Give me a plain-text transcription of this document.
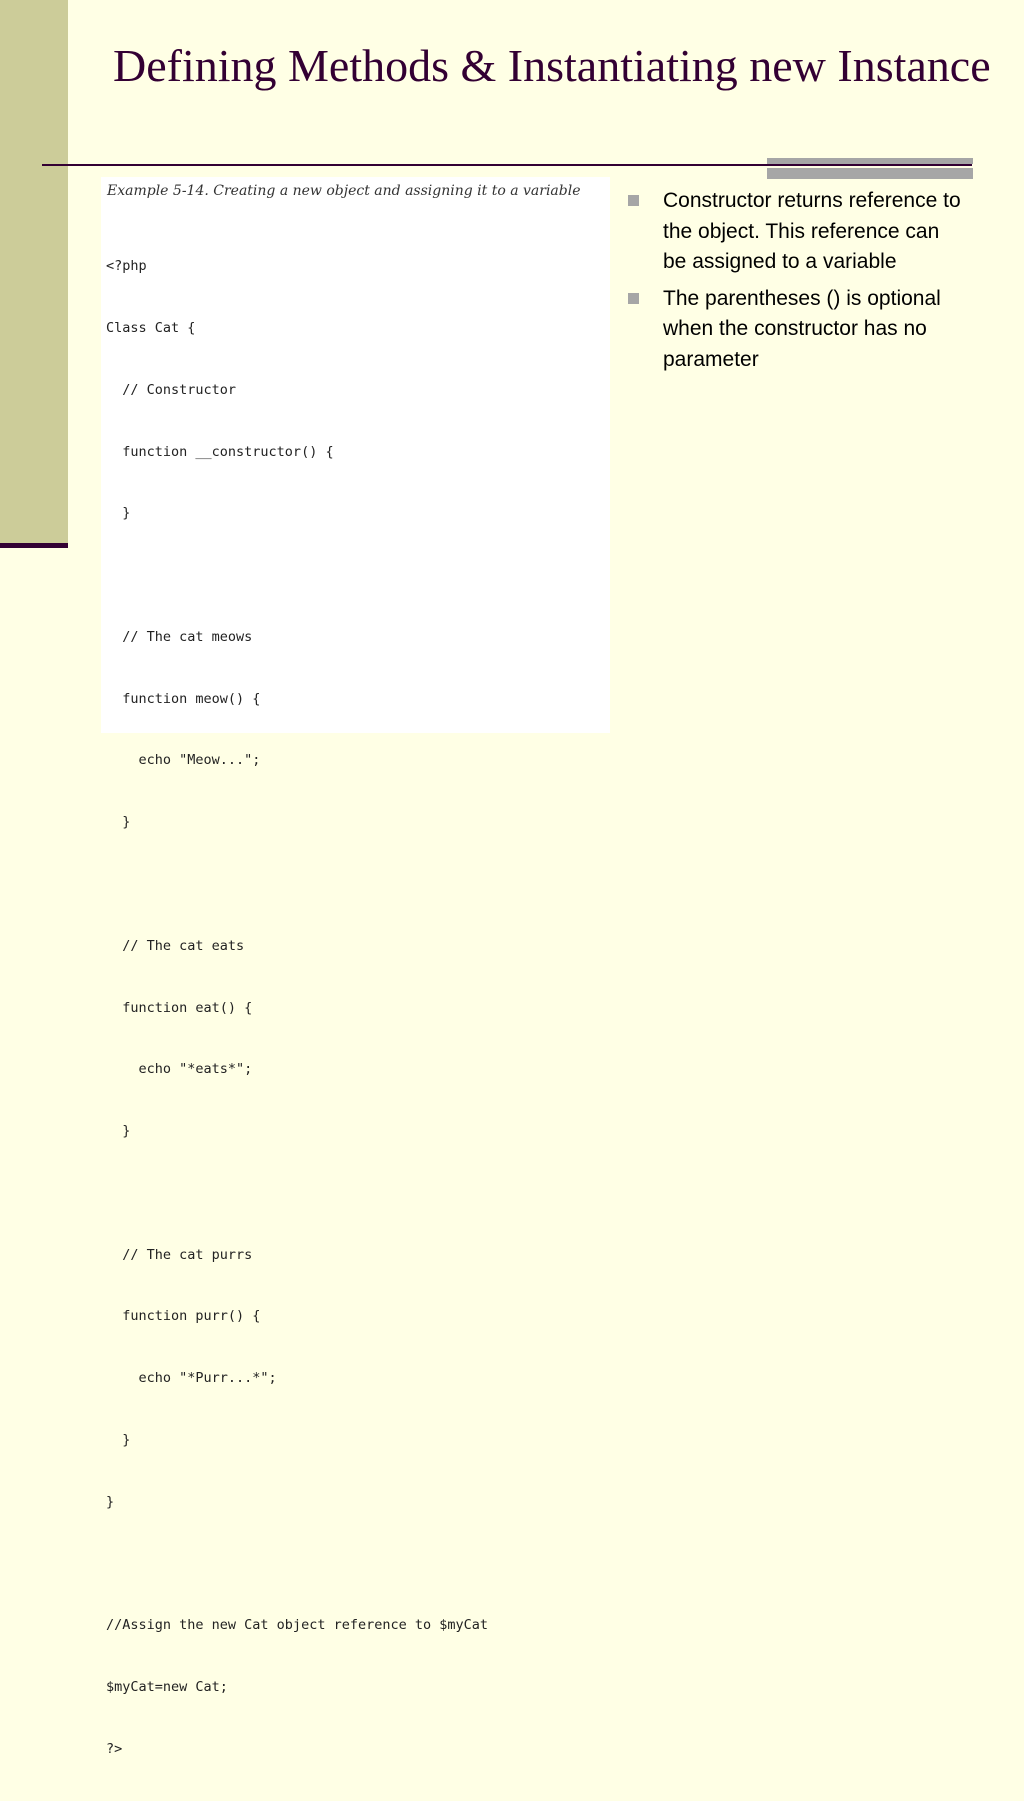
Defining Methods & Instantiating new Instance
Example 5-14. Creating a new object and assigning it to a variable

<?php

Class Cat {

// Constructor

function __constructor() {

}

// The cat meows

function meow() {

echo "Meow...";

}

// The cat eats

function eat() {

echo "*eats*";

}

// The cat purrs

function purr() {

echo "*Purr...*";

}

}

//Assign the new Cat object reference to $myCat

$myCat=new Cat;

?>

Constructor returns reference to the object. This reference can be assigned to a variable
The parentheses () is optional when the constructor has no parameter
